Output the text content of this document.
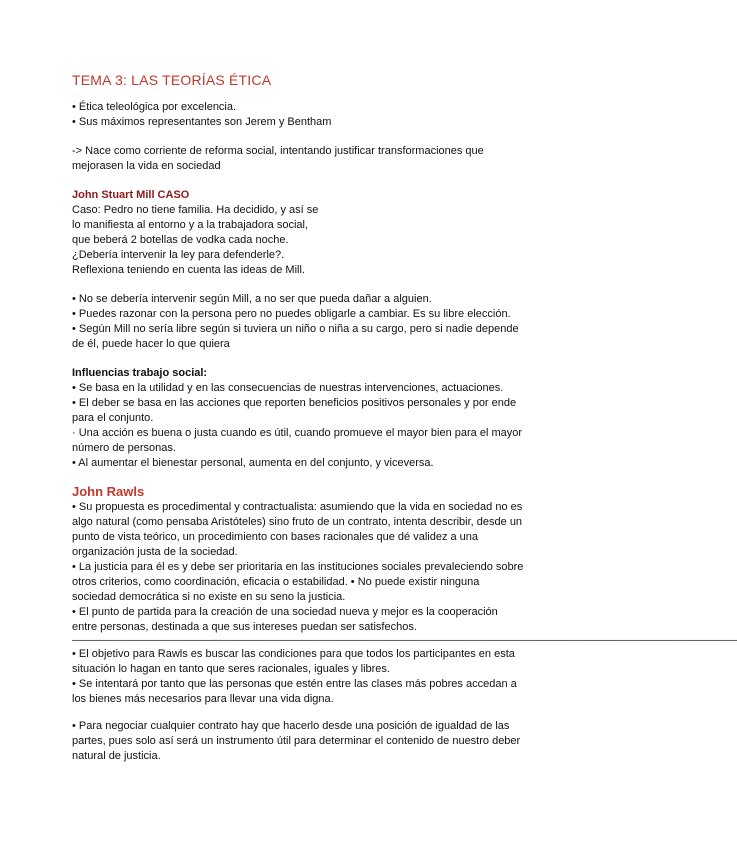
TEMA 3: LAS TEORÍAS ÉTICA

• Ética teleológica por excelencia.

• Sus máximos representantes son Jerem y Bentham

-> Nace como corriente de reforma social, intentando justificar transformaciones que

mejorasen la vida en sociedad

John Stuart Mill CASO

Caso: Pedro no tiene familia. Ha decidido, y así se

lo manifiesta al entorno y a la trabajadora social,

que beberá 2 botellas de vodka cada noche.

¿Debería intervenir la ley para defenderle?.

Reflexiona teniendo en cuenta las ideas de Mill.

• No se debería intervenir según Mill, a no ser que pueda dañar a alguien.

• Puedes razonar con la persona pero no puedes obligarle a cambiar. Es su libre elección.

• Según Mill no sería libre según si tuviera un niño o niña a su cargo, pero si nadie depende

de él, puede hacer lo que quiera

Influencias trabajo social:

• Se basa en la utilidad y en las consecuencias de nuestras intervenciones, actuaciones.

• El deber se basa en las acciones que reporten beneficios positivos personales y por ende

para el conjunto.

· Una acción es buena o justa cuando es útil, cuando promueve el mayor bien para el mayor

número de personas.

• Al aumentar el bienestar personal, aumenta en del conjunto, y viceversa.

John Rawls

• Su propuesta es procedimental y contractualista: asumiendo que la vida en sociedad no es

algo natural (como pensaba Aristóteles) sino fruto de un contrato, intenta describir, desde un

punto de vista teórico, un procedimiento con bases racionales que dé validez a una

organización justa de la sociedad.

• La justicia para él es y debe ser prioritaria en las instituciones sociales prevaleciendo sobre

otros criterios, como coordinación, eficacia o estabilidad. • No puede existir ninguna

sociedad democrática si no existe en su seno la justicia.

• El punto de partida para la creación de una sociedad nueva y mejor es la cooperación

entre personas, destinada a que sus intereses puedan ser satisfechos.

——————————————————————————————————————————————————————————————————————

• El objetivo para Rawls es buscar las condiciones para que todos los participantes en esta

situación lo hagan en tanto que seres racionales, iguales y libres.

• Se intentará por tanto que las personas que estén entre las clases más pobres accedan a

los bienes más necesarios para llevar una vida digna.

• Para negociar cualquier contrato hay que hacerlo desde una posición de igualdad de las

partes, pues solo así será un instrumento útil para determinar el contenido de nuestro deber

natural de justicia.
